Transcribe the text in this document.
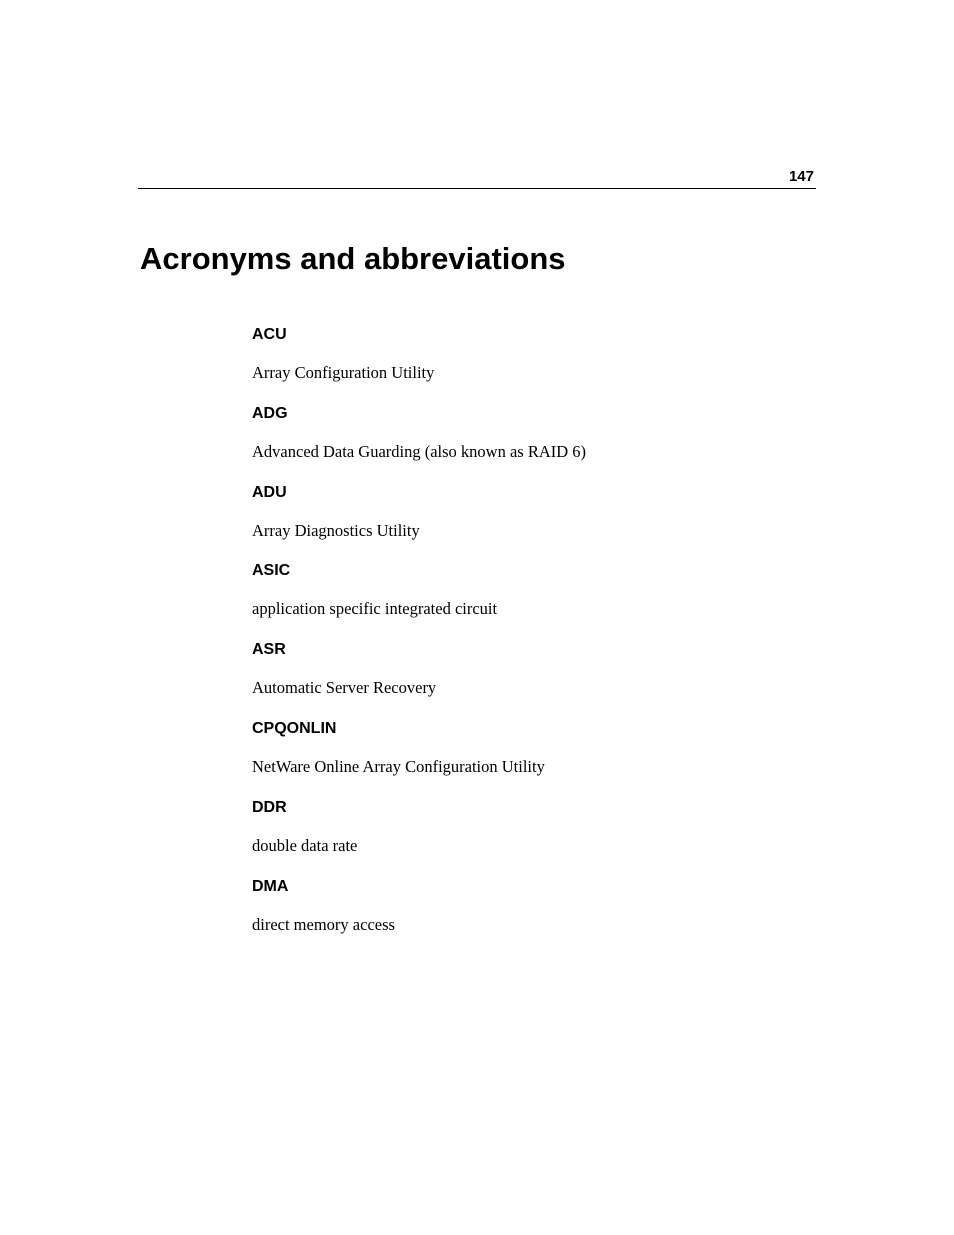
147
Acronyms and abbreviations
ACU
Array Configuration Utility
ADG
Advanced Data Guarding (also known as RAID 6)
ADU
Array Diagnostics Utility
ASIC
application specific integrated circuit
ASR
Automatic Server Recovery
CPQONLIN
NetWare Online Array Configuration Utility
DDR
double data rate
DMA
direct memory access
